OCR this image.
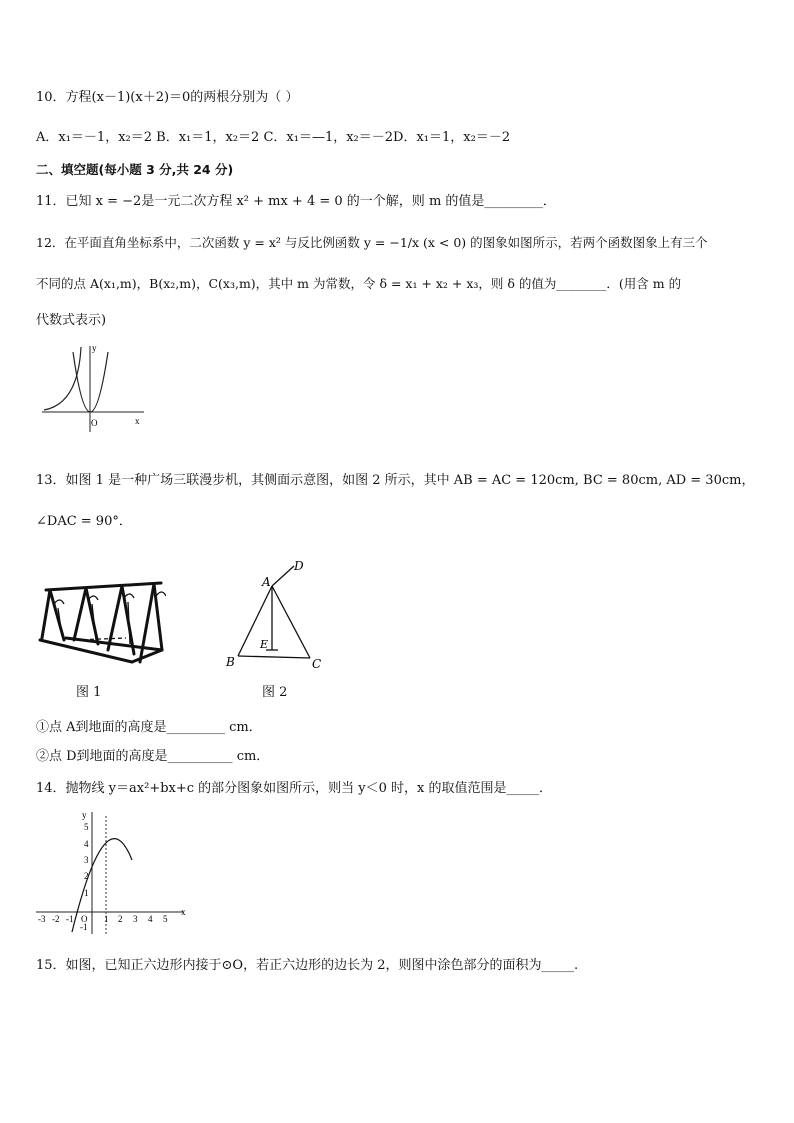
10．方程(x－1)(x＋2)＝0的两根分别为（ ）
A．x₁＝－1，x₂＝2 B．x₁＝1，x₂＝2 C．x₁＝—1，x₂＝－2D．x₁＝1，x₂＝－2
二、填空题(每小题 3 分,共 24 分)
11．已知 x = −2是一元二次方程 x² + mx + 4 = 0 的一个解，则 m 的值是_________．
12．在平面直角坐标系中，二次函数 y = x² 与反比例函数 y = −1/x (x < 0) 的图象如图所示，若两个函数图象上有三个
不同的点 A(x₁,m)，B(x₂,m)，C(x₃,m)，其中 m 为常数，令 δ = x₁ + x₂ + x₃，则 δ 的值为________．(用含 m 的
代数式表示)
y
x
O
13．如图 1 是一种广场三联漫步机，其侧面示意图，如图 2 所示，其中 AB = AC = 120cm, BC = 80cm, AD = 30cm，
∠DAC = 90°．
图 1
A
D
B	C
E
图 2
①点 A到地面的高度是_________ cm．
②点 D到地面的高度是__________ cm．
14．抛物线 y＝ax²+bx+c 的部分图象如图所示，则当 y＜0 时，x 的取值范围是_____．
y
x
-3 -2 -1 O 1 2 3 4 5
5
4
3
2
1
-1
15．如图，已知正六边形内接于⊙O，若正六边形的边长为 2，则图中涂色部分的面积为_____.
